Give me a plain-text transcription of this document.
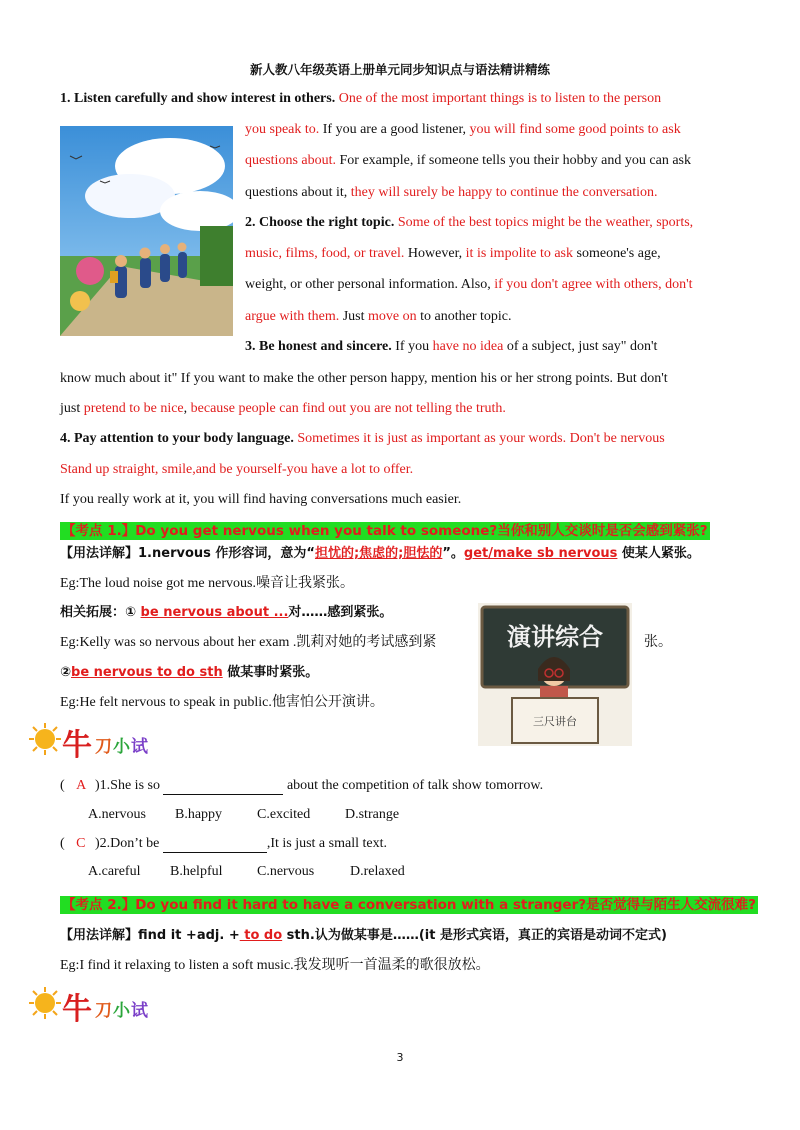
新人教八年级英语上册单元同步知识点与语法精讲精练
1. Listen carefully and show interest in others. One of the most important things is to listen to the person
you speak to. If you are a good listener, you will find some good points to ask
questions about. For example, if someone tells you their hobby and you can ask
questions about it, they will surely be happy to continue the conversation.
2. Choose the right topic. Some of the best topics might be the weather, sports,
music, films, food, or travel. However, it is impolite to ask someone's age,
weight, or other personal information. Also, if you don't agree with others, don't
argue with them. Just move on to another topic.
3. Be honest and sincere. If you have no idea of a subject, just say" don't
know much about it" If you want to make the other person happy, mention his or her strong points. But don't
just pretend to be nice, because people can find out you are not telling the truth.
4. Pay attention to your body language. Sometimes it is just as important as your words. Don't be nervous
Stand up straight, smile,and be yourself-you have a lot to offer.
If you really work at it, you will find having conversations much easier.
【考点 1.】Do you get nervous when you talk to someone?当你和别人交谈时是否会感到紧张?
【用法详解】1.nervous 作形容词，意为“担忧的;焦虑的;胆怯的”。get/make sb nervous 使某人紧张。
Eg:The loud noise got me nervous.噪音让我紧张。
相关拓展：① be nervous about ...对……感到紧张。
Eg:Kelly was so nervous about her exam .凯莉对她的考试感到紧	张。
②be nervous to do sth 做某事时紧张。
Eg:He felt nervous to speak in public.他害怕公开演讲。
演讲综合
三尺讲台
牛 刀 小 试
( A )1.She is so	about the competition of talk show tomorrow.
A.nervous B.happy C.excited D.strange
( C )2.Don’t be	,It is just a small text.
A.careful B.helpful C.nervous	D.relaxed
【考点 2.】Do you find it hard to have a conversation with a stranger?是否觉得与陌生人交流很难?
【用法详解】find it +adj. + to do sth.认为做某事是……(it 是形式宾语，真正的宾语是动词不定式)
Eg:I find it relaxing to listen a soft music.我发现听一首温柔的歌很放松。
牛 刀 小 试
3
